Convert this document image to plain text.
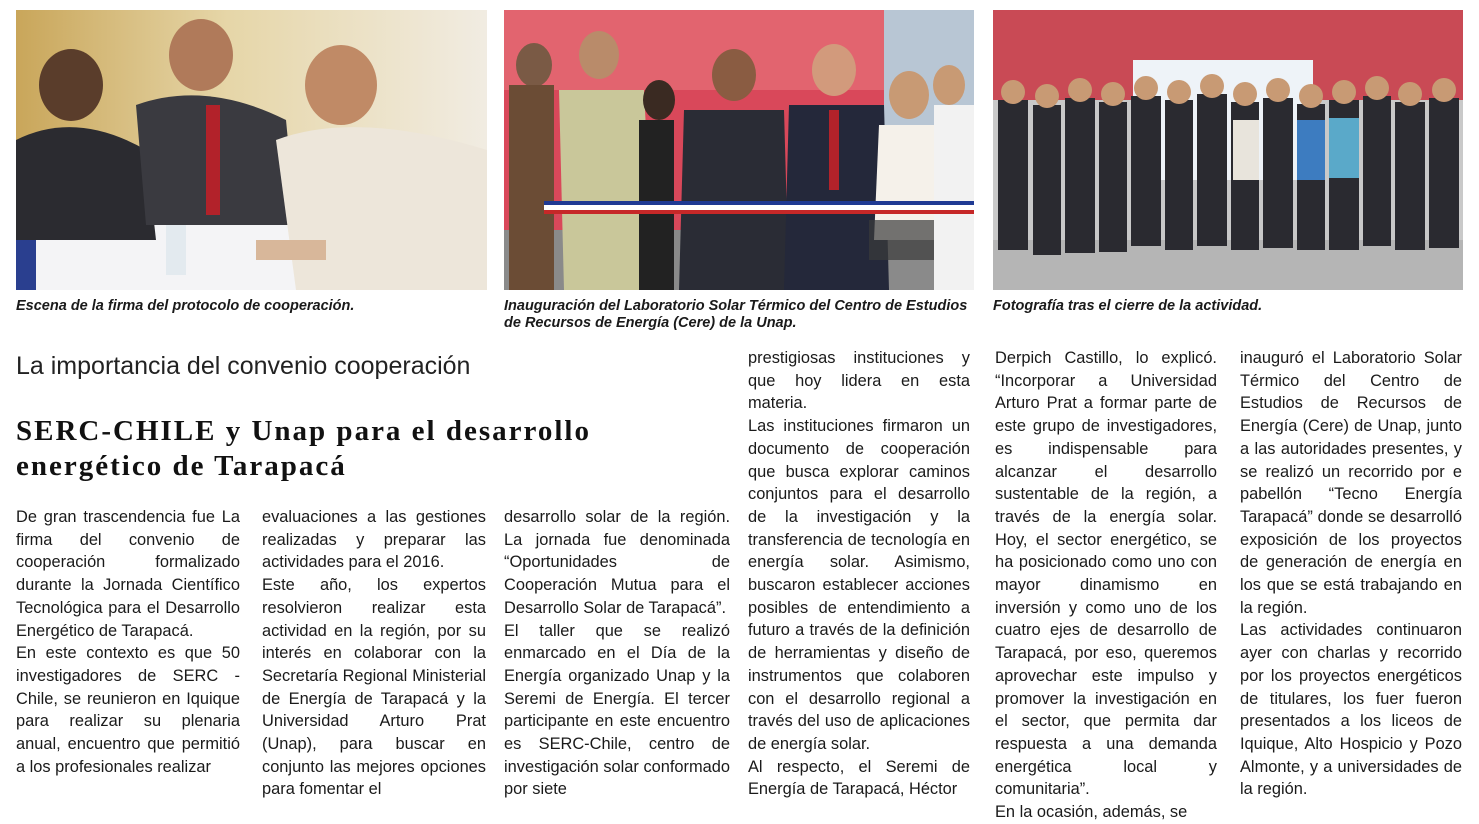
Escena de la firma del protocolo de cooperación.	Inauguración del Laboratorio Solar Térmico del Centro de Estudios de Recursos de Energía (Cere) de la Unap.

Fotografía tras el cierre de la actividad.

La importancia del convenio cooperación
SERC-CHILE y Unap para el desarrollo energético de Tarapacá

De gran trascendencia fue La firma del convenio de cooperación formalizado durante la Jornada Científico Tecnológica para el Desarrollo Energético de Tarapacá.

En este contexto es que 50 investigadores de SERC -Chile, se reunieron en Iquique para realizar su plenaria anual, encuentro que permitió a los profesionales realizar

evaluaciones a las gestiones realizadas y preparar las actividades para el 2016.

Este año, los expertos resolvieron realizar esta actividad en la región, por su interés en colaborar con la Secretaría Regional Ministerial de Energía de Tarapacá y la Universidad Arturo Prat (Unap), para buscar en conjunto las mejores opciones para fomentar el

desarrollo solar de la región. La jornada fue denominada “Oportunidades de Cooperación Mutua para el Desarrollo Solar de Tarapacá”.

El taller que se realizó enmarcado en el Día de la Energía organizado Unap y la Seremi de Energía. El tercer participante en este encuentro es SERC-Chile, centro de investigación solar conformado por siete

prestigiosas instituciones y que hoy lidera en esta materia.

Las instituciones firmaron un documento de cooperación que busca explorar caminos conjuntos para el desarrollo de la investigación y la transferencia de tecnología en energía solar. Asimismo, buscaron establecer acciones posibles de entendimiento a futuro a través de la definición de herramientas y diseño de instrumentos que colaboren con el desarrollo regional a través del uso de aplicaciones de energía solar.

Al respecto, el Seremi de Energía de Tarapacá, Héctor

Derpich Castillo, lo explicó. “Incorporar a Universidad Arturo Prat a formar parte de este grupo de investigadores, es indispensable para alcanzar el desarrollo sustentable de la región, a través de la energía solar. Hoy, el sector energético, se ha posicionado como uno con mayor dinamismo en inversión y como uno de los cuatro ejes de desarrollo de Tarapacá, por eso, queremos aprovechar este impulso y promover la investigación en el sector, que permita dar respuesta a una demanda energética local y comunitaria”.

En la ocasión, además, se

inauguró el Laboratorio Solar Térmico del Centro de Estudios de Recursos de Energía (Cere) de Unap, junto a las autoridades presentes, y se realizó un recorrido por e pabellón “Tecno Energía Tarapacá” donde se desarrolló exposición de los proyectos de generación de energía en los que se está trabajando en la región.

Las actividades continuaron ayer con charlas y recorrido por los proyectos energéticos de titulares, los fuer fueron presentados a los liceos de Iquique, Alto Hospicio y Pozo Almonte, y a universidades de la región.
